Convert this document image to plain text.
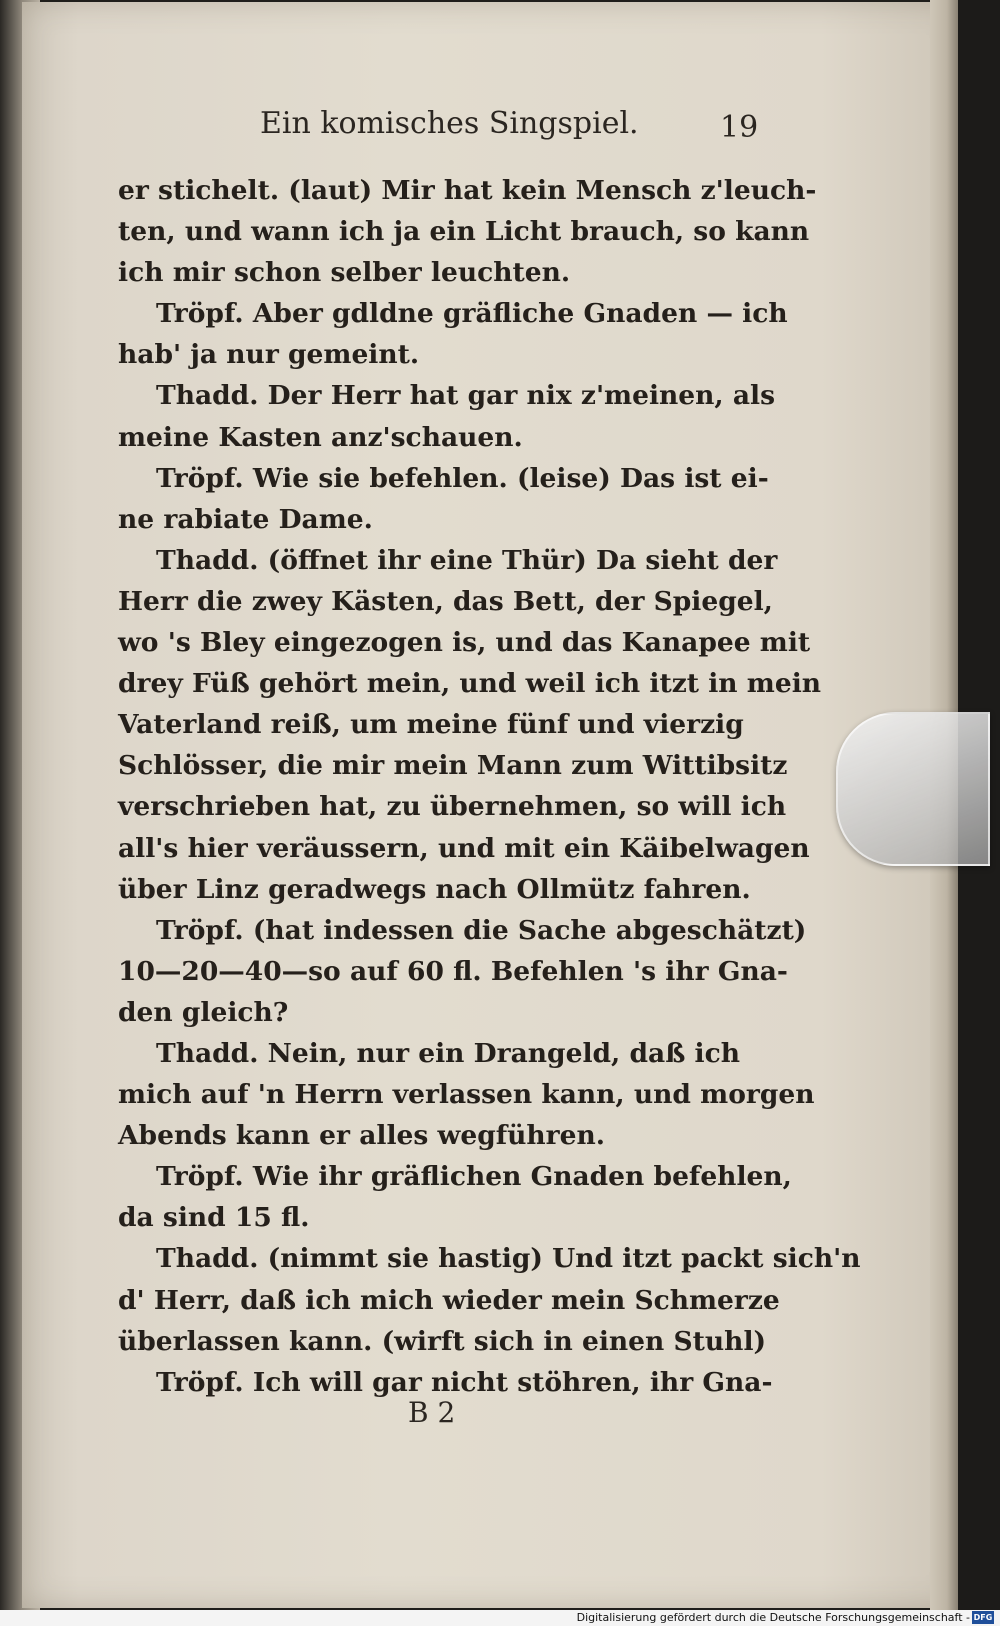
Ein komisches Singspiel.	19
er stichelt. (laut) Mir hat kein Mensch z'leuch-
ten, und wann ich ja ein Licht brauch, so kann
ich mir schon selber leuchten.
Tröpf. Aber gdldne gräfliche Gnaden — ich
hab' ja nur gemeint.
Thadd. Der Herr hat gar nix z'meinen, als
meine Kasten anz'schauen.
Tröpf. Wie sie befehlen. (leise) Das ist ei-
ne rabiate Dame.
Thadd. (öffnet ihr eine Thür) Da sieht der
Herr die zwey Kästen, das Bett, der Spiegel,
wo 's Bley eingezogen is, und das Kanapee mit
drey Füß gehört mein, und weil ich itzt in mein
Vaterland reiß, um meine fünf und vierzig
Schlösser, die mir mein Mann zum Wittibsitz
verschrieben hat, zu übernehmen, so will ich
all's hier veräussern, und mit ein Käibelwagen
über Linz geradwegs nach Ollmütz fahren.
Tröpf. (hat indessen die Sache abgeschätzt)
10—20—40—so auf 60 fl. Befehlen 's ihr Gna-
den gleich?
Thadd. Nein, nur ein Drangeld, daß ich
mich auf 'n Herrn verlassen kann, und morgen
Abends kann er alles wegführen.
Tröpf. Wie ihr gräflichen Gnaden befehlen,
da sind 15 fl.
Thadd. (nimmt sie hastig) Und itzt packt sich'n
d' Herr, daß ich mich wieder mein Schmerze
überlassen kann. (wirft sich in einen Stuhl)
Tröpf. Ich will gar nicht stöhren, ihr Gna-
B 2
Digitalisierung gefördert durch die Deutsche Forschungsgemeinschaft - DFG
